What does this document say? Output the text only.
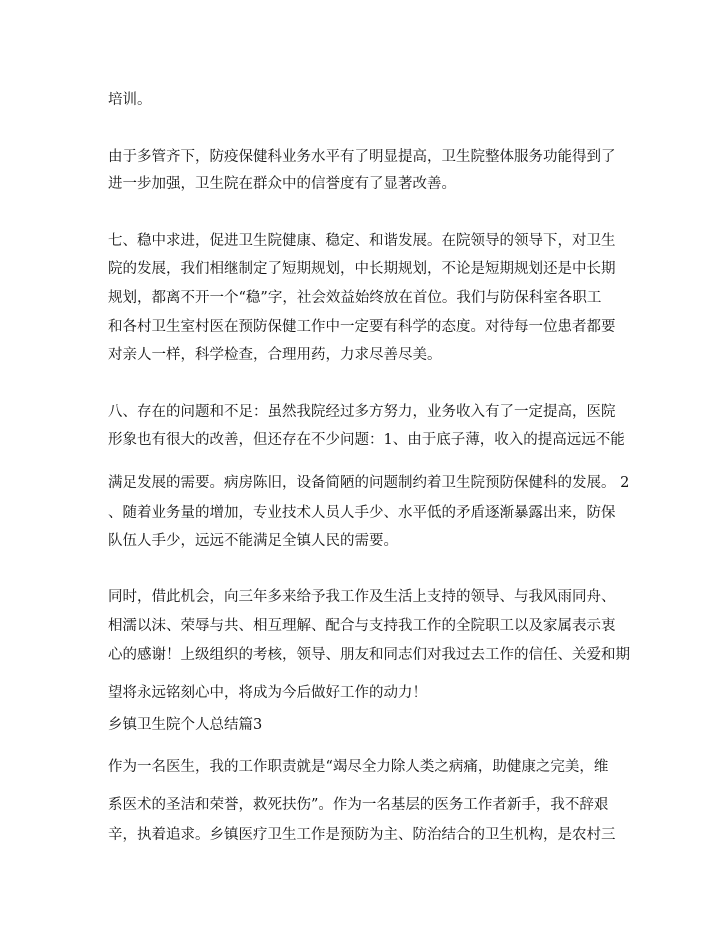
培训。
由于多管齐下，防疫保健科业务水平有了明显提高，卫生院整体服务功能得到了
进一步加强，卫生院在群众中的信誉度有了显著改善。
七、稳中求进，促进卫生院健康、稳定、和谐发展。在院领导的领导下，对卫生
院的发展，我们相继制定了短期规划，中长期规划，不论是短期规划还是中长期
规划，都离不开一个“稳”字，社会效益始终放在首位。我们与防保科室各职工
和各村卫生室村医在预防保健工作中一定要有科学的态度。对待每一位患者都要
对亲人一样，科学检查，合理用药，力求尽善尽美。
八、存在的问题和不足：虽然我院经过多方努力，业务收入有了一定提高，医院
形象也有很大的改善，但还存在不少问题：1、由于底子薄，收入的提高远远不能
满足发展的需要。病房陈旧，设备简陋的问题制约着卫生院预防保健科的发展。 2
、随着业务量的增加，专业技术人员人手少、水平低的矛盾逐渐暴露出来，防保
队伍人手少，远远不能满足全镇人民的需要。
同时，借此机会，向三年多来给予我工作及生活上支持的领导、与我风雨同舟、
相濡以沫、荣辱与共、相互理解、配合与支持我工作的全院职工以及家属表示衷
心的感谢！上级组织的考核，领导、朋友和同志们对我过去工作的信任、关爱和期
望将永远铭刻心中，将成为今后做好工作的动力！
乡镇卫生院个人总结篇3
作为一名医生，我的工作职责就是“竭尽全力除人类之病痛，助健康之完美，维
系医术的圣洁和荣誉，救死扶伤”。作为一名基层的医务工作者新手，我不辞艰
辛，执着追求。乡镇医疗卫生工作是预防为主、防治结合的卫生机构，是农村三
